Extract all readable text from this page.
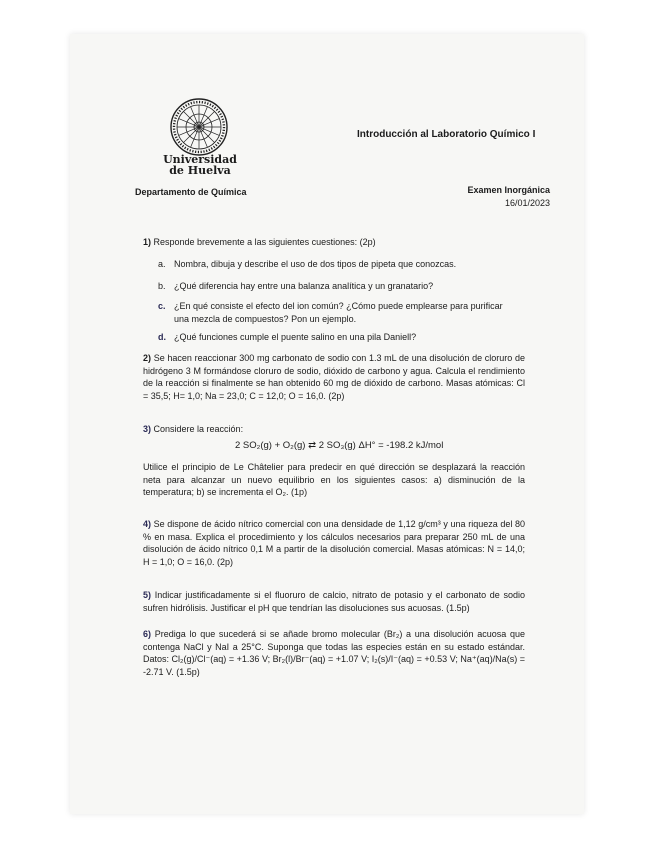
Universidad
de Huelva
Introducción al Laboratorio Químico I
Departamento de Química	Examen Inorgánica
16/01/2023
1) Responde brevemente a las siguientes cuestiones: (2p)
a. Nombra, dibuja y describe el uso de dos tipos de pipeta que conozcas.
b. ¿Qué diferencia hay entre una balanza analítica y un granatario?
c. ¿En qué consiste el efecto del ion común? ¿Cómo puede emplearse para purificar una mezcla de compuestos? Pon un ejemplo.
d. ¿Qué funciones cumple el puente salino en una pila Daniell?
2) Se hacen reaccionar 300 mg carbonato de sodio con 1.3 mL de una disolución de cloruro de hidrógeno 3 M formándose cloruro de sodio, dióxido de carbono y agua. Calcula el rendimiento de la reacción si finalmente se han obtenido 60 mg de dióxido de carbono. Masas atómicas: Cl = 35,5; H= 1,0; Na = 23,0; C = 12,0; O = 16,0. (2p)
3) Considere la reacción:
2 SO₂(g) + O₂(g) ⇄ 2 SO₃(g) ΔH° = -198.2 kJ/mol
Utilice el principio de Le Châtelier para predecir en qué dirección se desplazará la reacción neta para alcanzar un nuevo equilibrio en los siguientes casos: a) disminución de la temperatura; b) se incrementa el O₂. (1p)
4) Se dispone de ácido nítrico comercial con una densidade de 1,12 g/cm³ y una riqueza del 80 % en masa. Explica el procedimiento y los cálculos necesarios para preparar 250 mL de una disolución de ácido nítrico 0,1 M a partir de la disolución comercial. Masas atómicas: N = 14,0; H = 1,0; O = 16,0. (2p)
5) Indicar justificadamente si el fluoruro de calcio, nitrato de potasio y el carbonato de sodio sufren hidrólisis. Justificar el pH que tendrían las disoluciones sus acuosas. (1.5p)
6) Prediga lo que sucederá si se añade bromo molecular (Br₂) a una disolución acuosa que contenga NaCl y NaI a 25°C. Suponga que todas las especies están en su estado estándar. Datos: Cl₂(g)/Cl⁻(aq) = +1.36 V; Br₂(l)/Br⁻(aq) = +1.07 V; I₂(s)/I⁻(aq) = +0.53 V; Na⁺(aq)/Na(s) = -2.71 V. (1.5p)
